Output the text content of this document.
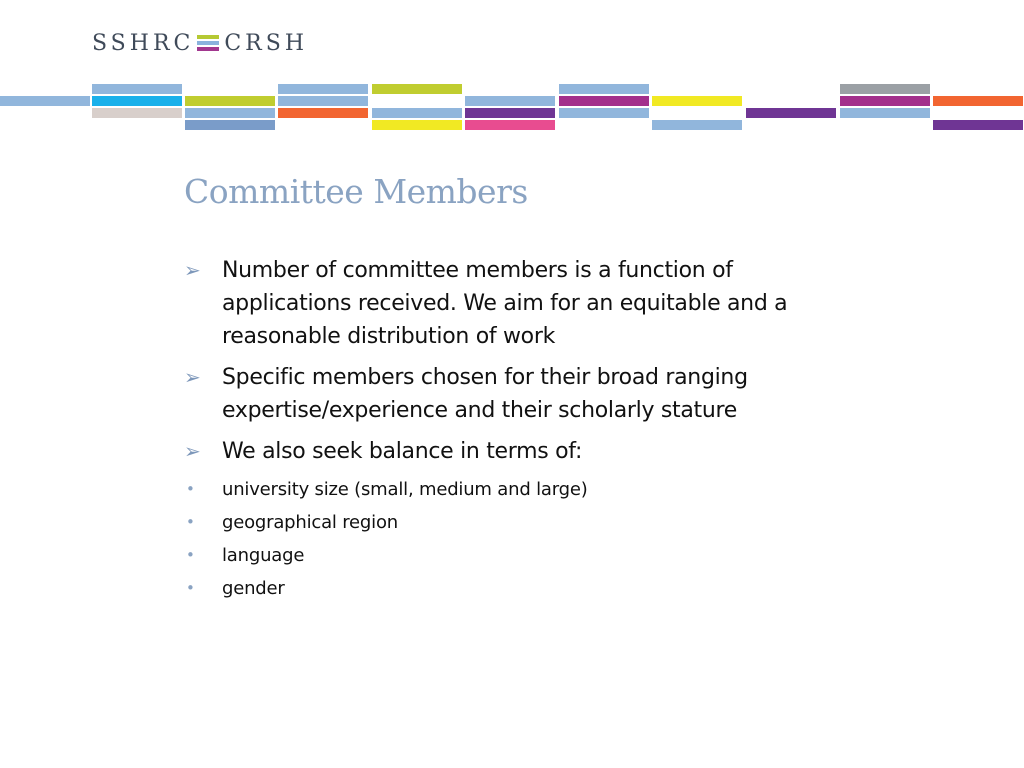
SSHRC CRSH
Committee Members
➢ Number of committee members is a function of applications received. We aim for an equitable and a reasonable distribution of work
➢ Specific members chosen for their broad ranging expertise/experience and their scholarly stature
➢ We also seek balance in terms of:
•	university size (small, medium and large)
•	geographical region
•	language
•	gender
